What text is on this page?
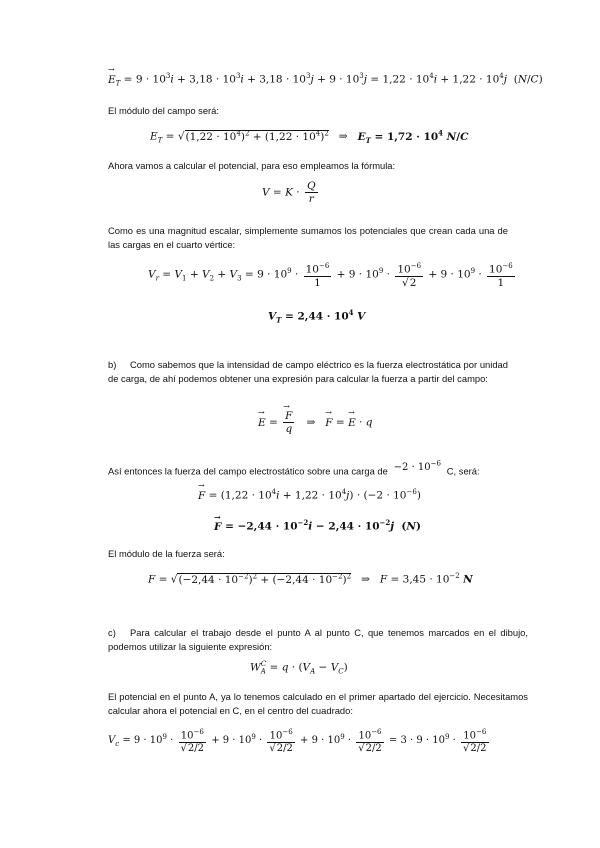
→ $E_T = 9 \cdot 10^3i + 3,18 \cdot 10^3i + 3,18 \cdot 10^3j + 9 \cdot 10^3j = 1,22 \cdot 10^4i + 1,22 \cdot 10^4j$  (N/C)
El módulo del campo será:
$E_T = √(1,22 \cdot 10^4)^2 + (1,22 \cdot 10^4)^2$   ⇒   $E_T = 1,72 \cdot 10^4$ N/C
Ahora vamos a calcular el potencial, para eso empleamos la fórmula:
$V = K \cdot \frac{Q}{r}$
Como es una magnitud escalar, simplemente sumamos los potenciales que crean cada una de las cargas en el cuarto vértice:
$V_r = V_1 + V_2 + V_3 = 9 \cdot 10^9 \cdot \frac{10^{-6}}{1} + 9 \cdot 10^9 \cdot \frac{10^{-6}}{√2} + 9 \cdot 10^9 \cdot \frac{10^{-6}}{1}$
$V_T = 2,44 \cdot 10^4$ V
b)	Como sabemos que la intensidad de campo eléctrico es la fuerza electrostática por unidad de carga, de ahí podemos obtener una expresión para calcular la fuerza a partir del campo:
→ E =
→ $\frac{F}{q}$ ⇒   → F = → E · q
Así entonces la fuerza del campo electrostático sobre una carga de  $-2 \cdot 10^{-6}$  C, será:
→ $F = (1,22 \cdot 10^4i + 1,22 \cdot 10^4j) \cdot (-2 \cdot 10^{-6})$
→ $F = -2,44 \cdot 10^{-2}i - 2,44 \cdot 10^{-2}j$  (N)
El módulo de la fuerza será:
$F = √(-2,44 \cdot 10^{-2})^2 + (-2,44 \cdot 10^{-2})^2$   ⇒   $F = 3,45 \cdot 10^{-2}$ N
c)	Para calcular el trabajo desde el punto A al punto C, que tenemos marcados en el dibujo, podemos utilizar la siguiente expresión:
$W_A^C = q \cdot (V_A - V_C)$
El potencial en el punto A, ya lo tenemos calculado en el primer apartado del ejercicio. Necesitamos calcular ahora el potencial en C, en el centro del cuadrado:
$V_c = 9 \cdot 10^9 \cdot \frac{10^{-6}}{√2/2} + 9 \cdot 10^9 \cdot \frac{10^{-6}}{√2/2} + 9 \cdot 10^9 \cdot \frac{10^{-6}}{√2/2} = 3 \cdot 9 \cdot 10^9 \cdot \frac{10^{-6}}{√2/2}$
